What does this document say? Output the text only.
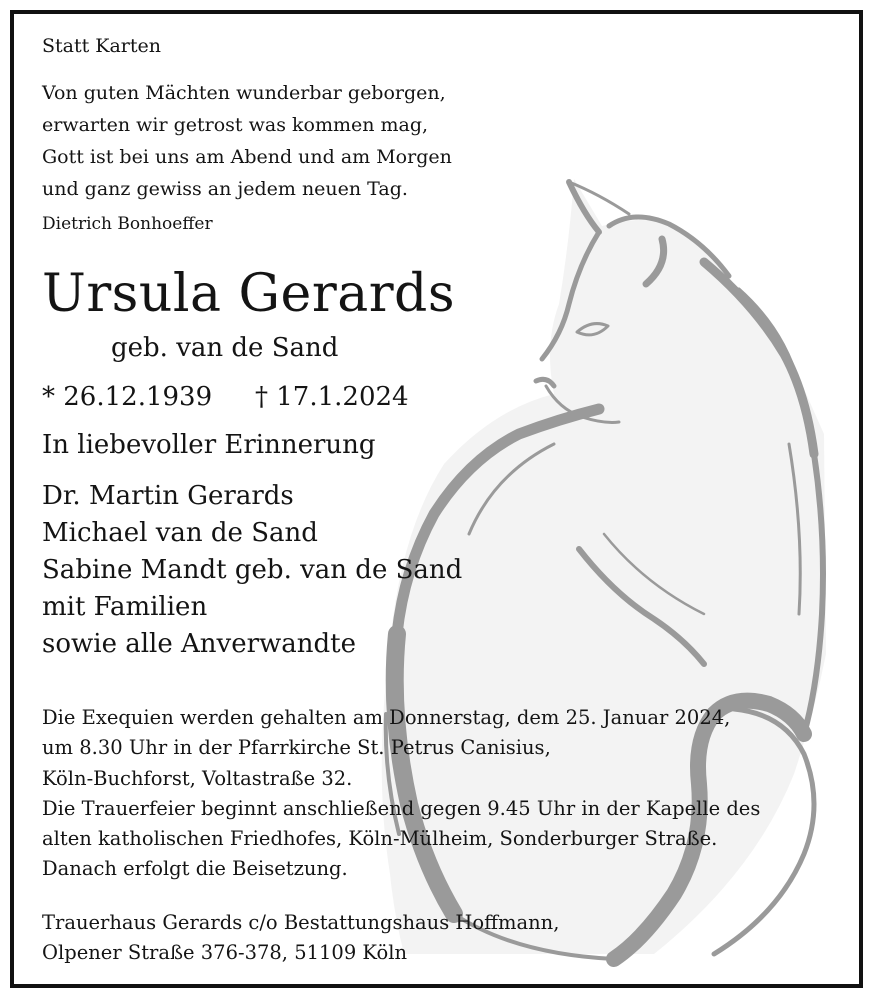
Statt Karten
Von guten Mächten wunderbar geborgen,
erwarten wir getrost was kommen mag,
Gott ist bei uns am Abend und am Morgen
und ganz gewiss an jedem neuen Tag.
Dietrich Bonhoeffer
Ursula Gerards
geb. van de Sand
* 26.12.1939 † 17.1.2024
In liebevoller Erinnerung
Dr. Martin Gerards
Michael van de Sand
Sabine Mandt geb. van de Sand
mit Familien
sowie alle Anverwandte
Die Exequien werden gehalten am Donnerstag, dem 25. Januar 2024,
um 8.30 Uhr in der Pfarrkirche St. Petrus Canisius,
Köln-Buchforst, Voltastraße 32.
Die Trauerfeier beginnt anschließend gegen 9.45 Uhr in der Kapelle des
alten katholischen Friedhofes, Köln-Mülheim, Sonderburger Straße.
Danach erfolgt die Beisetzung.
Trauerhaus Gerards c/o Bestattungshaus Hoffmann,
Olpener Straße 376-378, 51109 Köln
